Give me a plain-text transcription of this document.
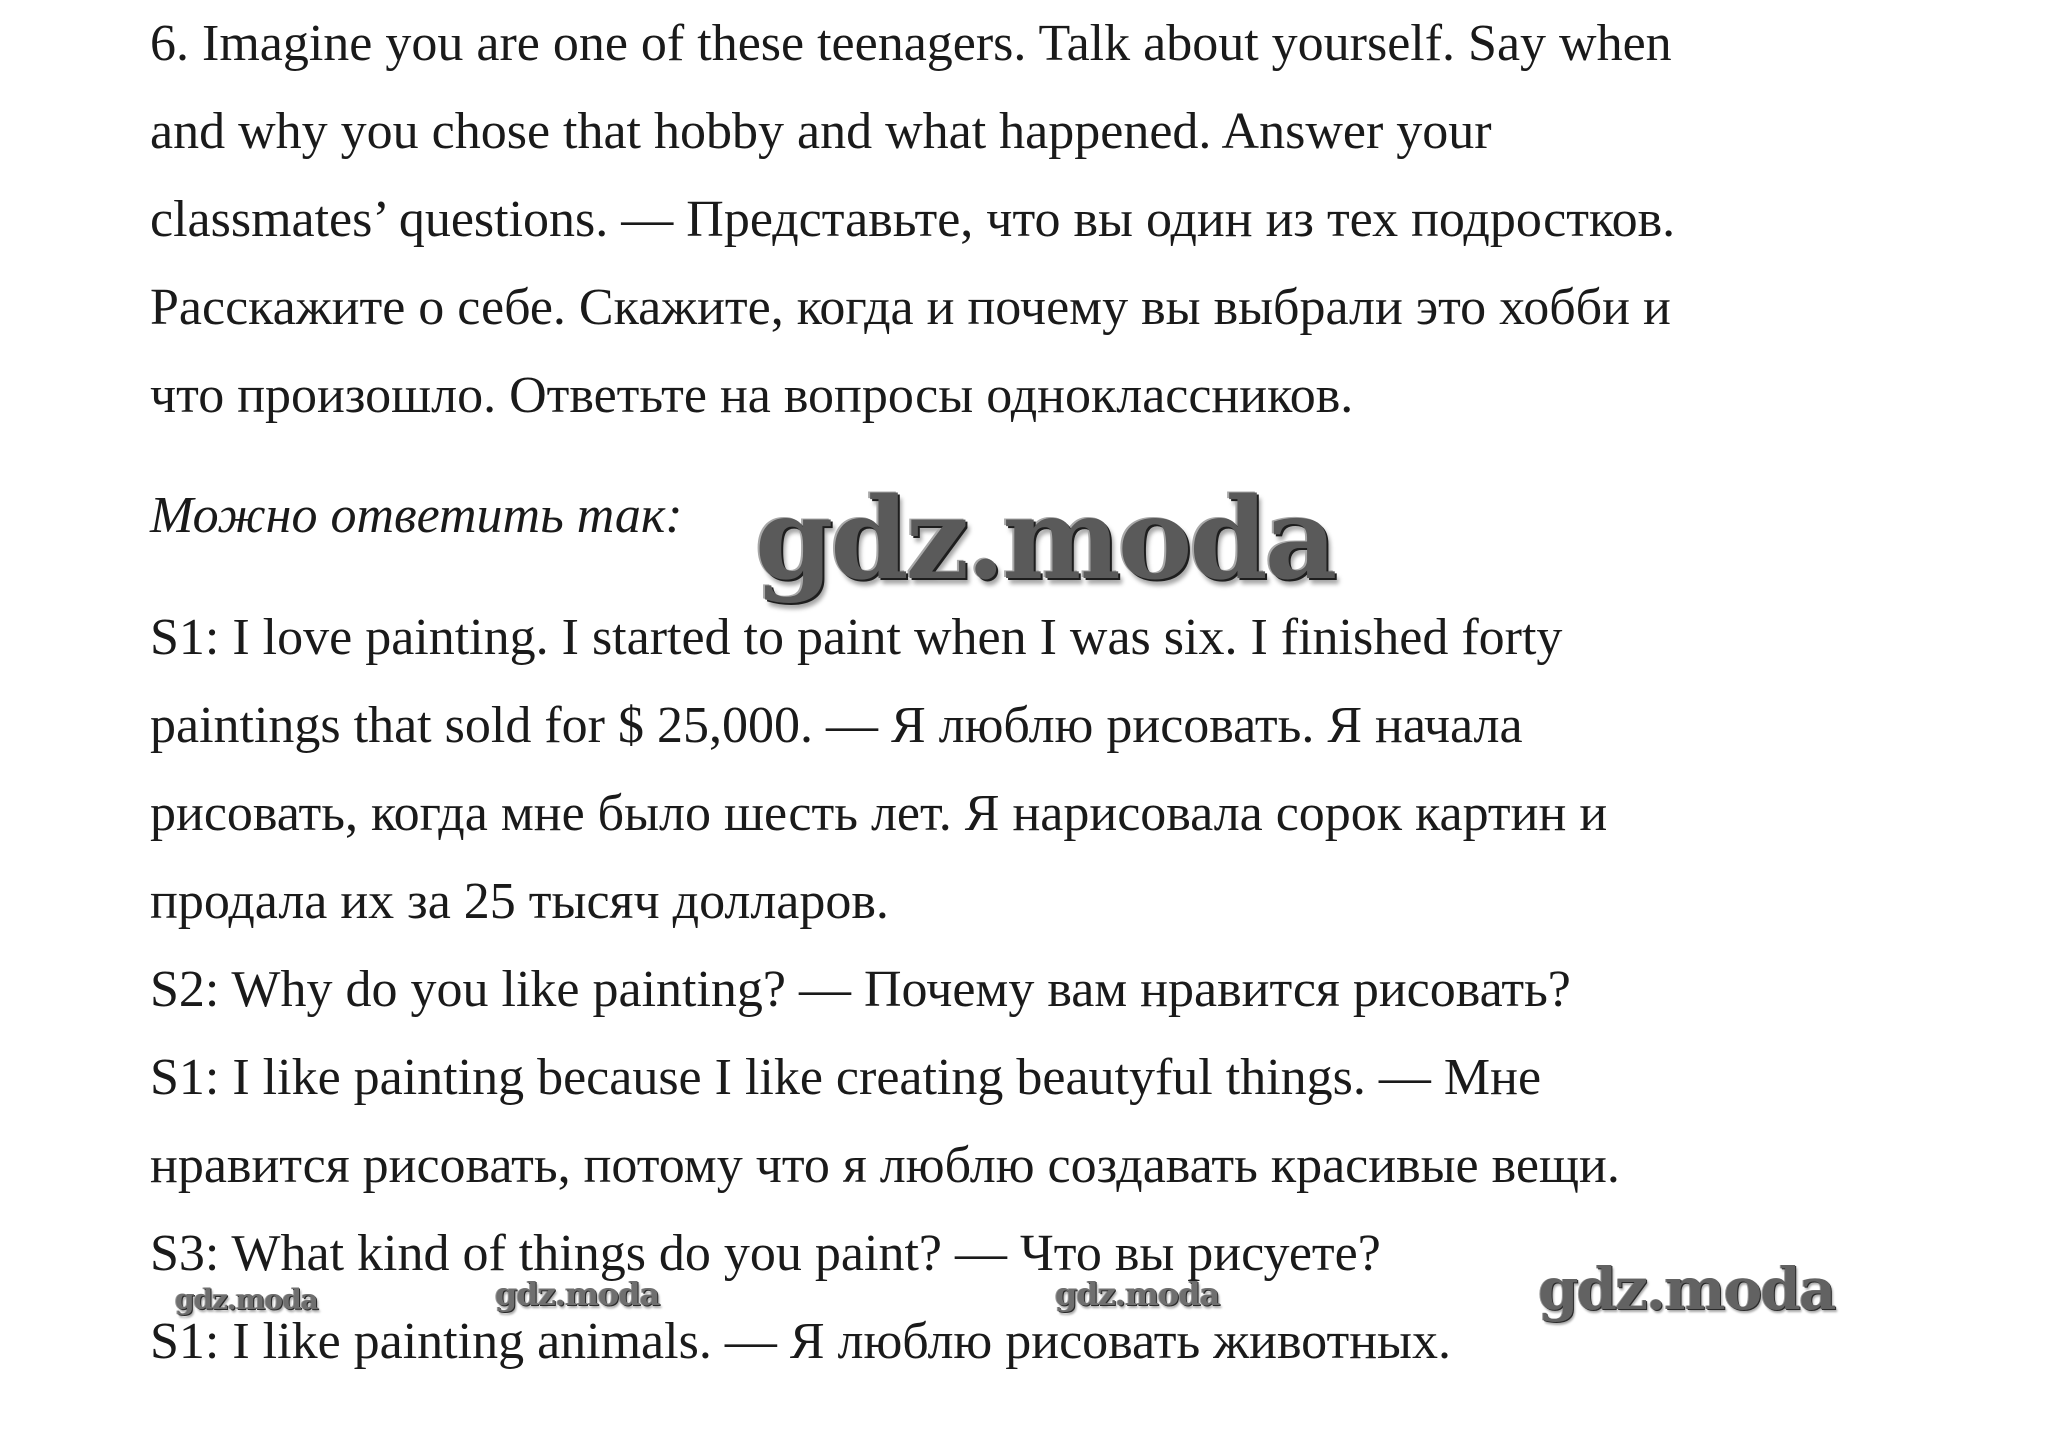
6. Imagine you are one of these teenagers. Talk about yourself. Say when
and why you chose that hobby and what happened. Answer your
classmates’ questions. — Представьте, что вы один из тех подростков.
Расскажите о себе. Скажите, когда и почему вы выбрали это хобби и
что произошло. Ответьте на вопросы одноклассников.
Можно ответить так: gdz.moda
S1: I love painting. I started to paint when I was six. I finished forty
paintings that sold for $ 25,000. — Я люблю рисовать. Я начала
рисовать, когда мне было шесть лет. Я нарисовала сорок картин и
продала их за 25 тысяч долларов.
S2: Why do you like painting? — Почему вам нравится рисовать?
S1: I like painting because I like creating beautyful things. — Мне
нравится рисовать, потому что я люблю создавать красивые вещи.
S3: What kind of things do you paint? — Что вы рисуете?
gdz.moda	gdz.moda	gdz.moda	gdz.moda
S1: I like painting animals. — Я люблю рисовать животных.
